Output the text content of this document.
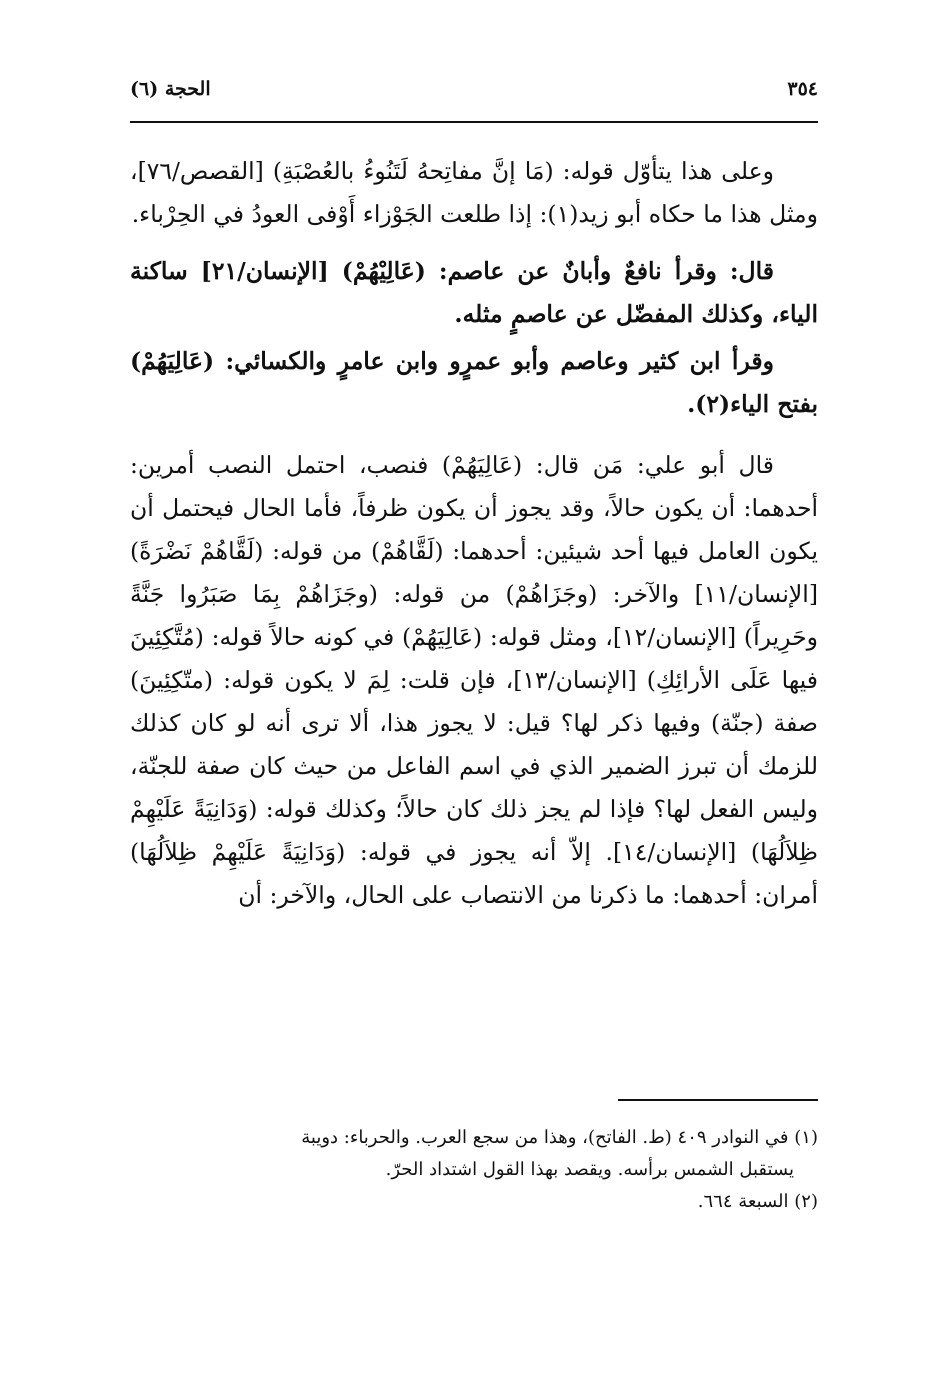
الحجة (٦)	٣٥٤

وعلى هذا يتأوّل قوله: (مَا إنَّ مفاتِحهُ لَتَنُوءُ بالعُصْبَةِ) [القصص/٧٦]، ومثل هذا ما حكاه أبو زيد(١): إذا طلعت الجَوْزاء أَوْفى العودُ في الحِرْباء.

قال: وقرأ نافعٌ وأبانٌ عن عاصم: (عَالِيْهُمْ) [الإنسان/٢١] ساكنة الياء، وكذلك المفضّل عن عاصمٍ مثله.

وقرأ ابن كثير وعاصم وأبو عمرٍو وابن عامرٍ والكسائي: (عَالِيَهُمْ) بفتح الياء(٢).

قال أبو علي: مَن قال: (عَالِيَهُمْ) فنصب، احتمل النصب أمرين: أحدهما: أن يكون حالاً، وقد يجوز أن يكون ظرفاً، فأما الحال فيحتمل أن يكون العامل فيها أحد شيئين: أحدهما: (لَقَّاهُمْ) من قوله: (لَقَّاهُمْ نَضْرَةً) [الإنسان/١١] والآخر: (وجَزَاهُمْ) من قوله: (وجَزَاهُمْ بِمَا صَبَرُوا جَنَّةً وحَرِيراً) [الإنسان/١٢]، ومثل قوله: (عَالِيَهُمْ) في كونه حالاً قوله: (مُتَّكِئِينَ فيها عَلَى الأرائِكِ) [الإنسان/١٣]، فإن قلت: لِمَ لا يكون قوله: (متّكِئِينَ) صفة (جنّة) وفيها ذكر لها؟ قيل: لا يجوز هذا، ألا ترى أنه لو كان كذلك للزمك أن تبرز الضمير الذي في اسم الفاعل من حيث كان صفة للجنّة، وليس الفعل لها؟ فإذا لم يجز ذلك كان حالاً؛ وكذلك قوله: (وَدَانِيَةً عَلَيْهِمْ ظِلاَلُهَا) [الإنسان/١٤]. إلاّ أنه يجوز في قوله: (وَدَانِيَةً عَلَيْهِمْ ظِلاَلُهَا) أمران: أحدهما: ما ذكرنا من الانتصاب على الحال، والآخر: أن

(١) في النوادر ٤٠٩ (ط. الفاتح)، وهذا من سجع العرب. والحرباء: دويبة

يستقبل الشمس برأسه. ويقصد بهذا القول اشتداد الحرّ.

(٢) السبعة ٦٦٤.
